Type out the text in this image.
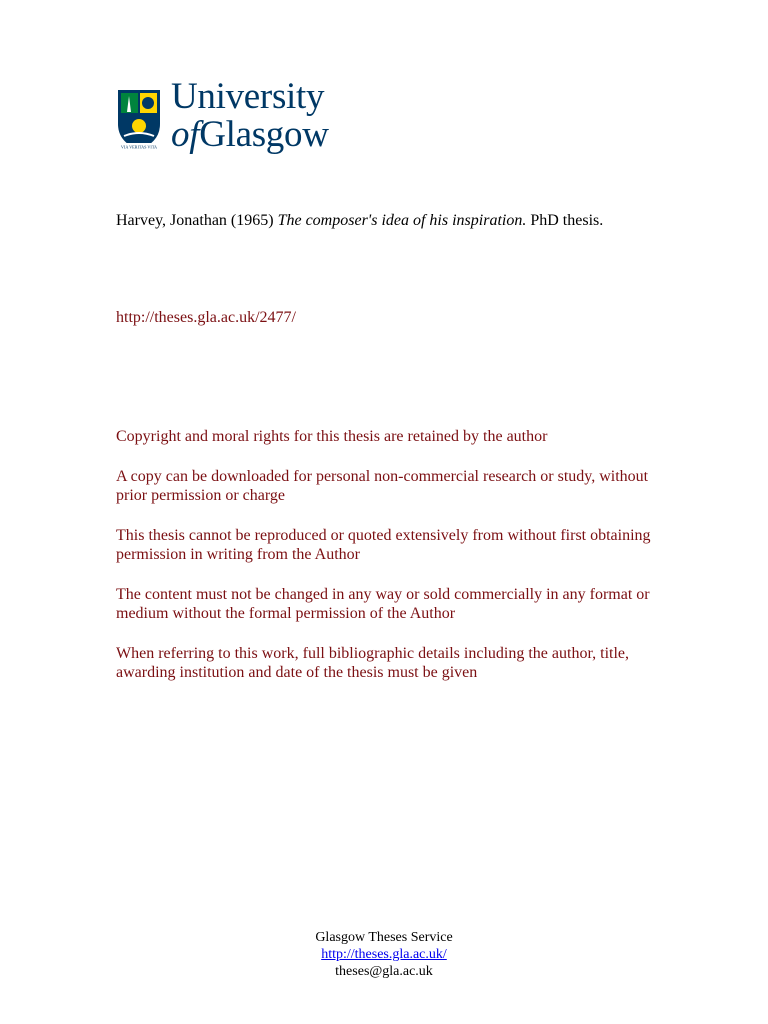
VIA VERITAS VITA
University
ofGlasgow
Harvey, Jonathan (1965) The composer's idea of his inspiration. PhD thesis.
http://theses.gla.ac.uk/2477/

Copyright and moral rights for this thesis are retained by the author

A copy can be downloaded for personal non-commercial research or study, without prior permission or charge

This thesis cannot be reproduced or quoted extensively from without first obtaining permission in writing from the Author

The content must not be changed in any way or sold commercially in any format or medium without the formal permission of the Author

When referring to this work, full bibliographic details including the author, title, awarding institution and date of the thesis must be given

Glasgow Theses Service
http://theses.gla.ac.uk/
theses@gla.ac.uk
